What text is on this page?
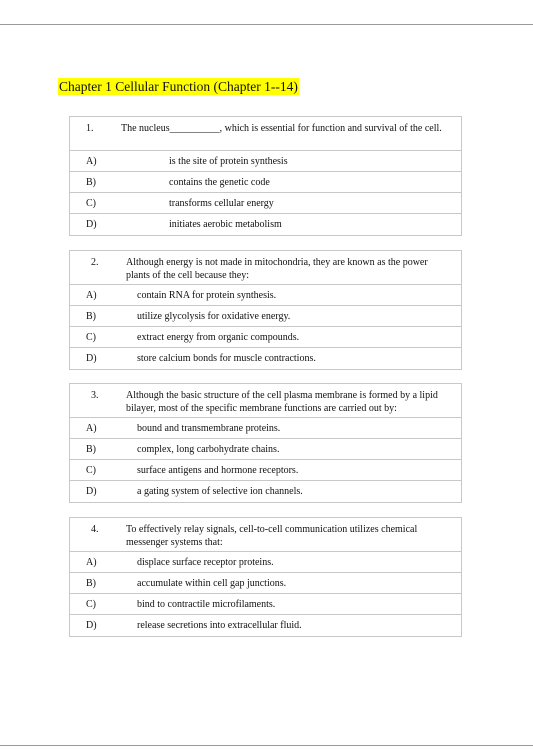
Chapter 1 Cellular Function (Chapter 1--14)
1.	The nucleus__________, which is essential for function and survival of the cell.
A)	is the site of protein synthesis
B)	contains the genetic code
C)	transforms cellular energy
D)	initiates aerobic metabolism
2.	Although energy is not made in mitochondria, they are known as the power plants of the cell because they:
A)	contain RNA for protein synthesis.
B)	utilize glycolysis for oxidative energy.
C)	extract energy from organic compounds.
D)	store calcium bonds for muscle contractions.
3.	Although the basic structure of the cell plasma membrane is formed by a lipid bilayer, most of the specific membrane functions are carried out by:
A)	bound and transmembrane proteins.
B)	complex, long carbohydrate chains.
C)	surface antigens and hormone receptors.
D)	a gating system of selective ion channels.
4.	To effectively relay signals, cell-to-cell communication utilizes chemical messenger systems that:
A)	displace surface receptor proteins.
B)	accumulate within cell gap junctions.
C)	bind to contractile microfilaments.
D)	release secretions into extracellular fluid.
